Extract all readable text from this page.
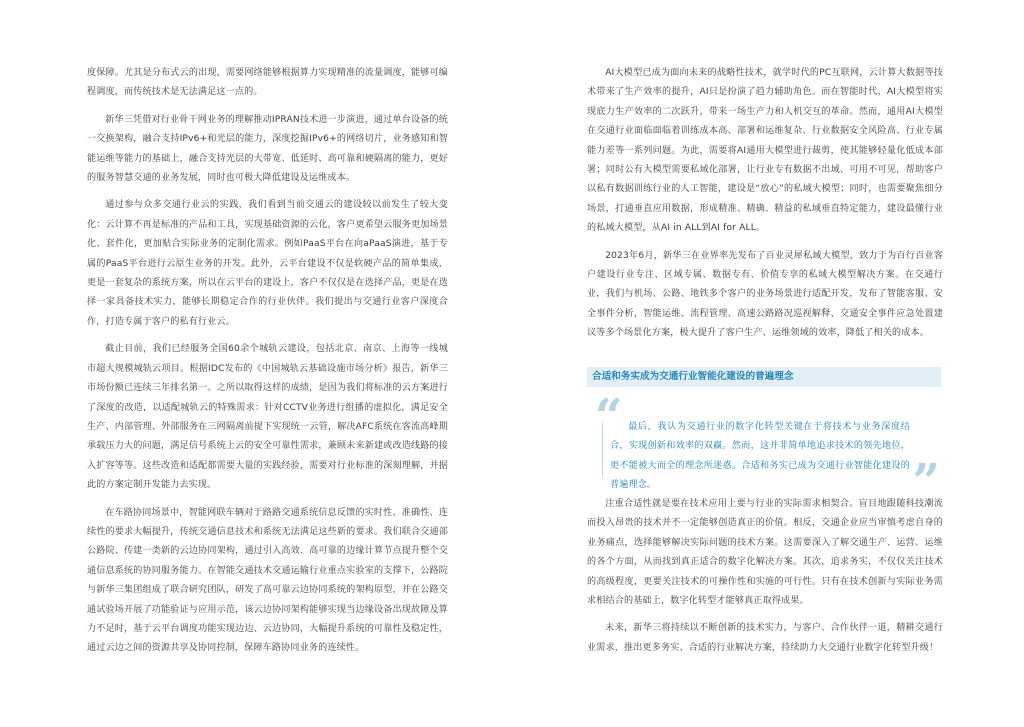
度保障。尤其是分布式云的出现，需要网络能够根据算力实现精准的流量调度，能够可编程调度，而传统技术是无法满足这一点的。

新华三凭借对行业骨干网业务的理解推动IPRAN技术进一步演进，通过单台设备的统一交换架构，融合支持IPv6+和光层的能力，深度挖掘IPv6+的网络切片，业务感知和智能运维等能力的基础上，融合支持光层的大带宽、低延时、高可靠和硬隔离的能力，更好的服务智慧交通的业务发展，同时也可极大降低建设及运维成本。

通过参与众多交通行业云的实践，我们看到当前交通云的建设较以前发生了较大变化：云计算不再是标准的产品和工具，实现基础资源的云化，客户更希望云服务更加场景化、套件化，更加贴合实际业务的定制化需求。例如PaaS平台在向aPaaS演进，基于专属的PaaS平台进行云原生业务的开发。此外，云平台建设不仅是软硬产品的简单集成，更是一套复杂的系统方案，所以在云平台的建设上，客户不仅仅是在选择产品，更是在选择一家具备技术实力，能够长期稳定合作的行业伙伴。我们提出与交通行业客户深度合作，打造专属于客户的私有行业云。

截止目前，我们已经服务全国60余个城轨云建设，包括北京、南京、上海等一线城市超大规模城轨云项目。根据IDC发布的《中国城轨云基础设施市场分析》报告，新华三市场份额已连续三年排名第一。之所以取得这样的成绩，是因为我们将标准的云方案进行了深度的改造，以适配城轨云的特殊需求：针对CCTV业务进行组播的虚拟化，满足安全生产、内部管理、外部服务在三网隔离前提下实现统一云管，解决AFC系统在客流高峰期承载压力大的问题，满足信号系统上云的安全可靠性需求，兼顾未来新建或改造线路的接入扩容等等。这些改造和适配都需要大量的实践经验，需要对行业标准的深刻理解，并据此的方案定制开发能力去实现。

在车路协同场景中，智能网联车辆对于路路交通系统信息反馈的实时性、准确性、连续性的要求大幅提升，传统交通信息技术和系统无法满足这些新的要求。我们联合交通部公路院、传建一类新的云边协同架构，通过引入高效、高可靠的边缘计算节点提升整个交通信息系统的协同服务能力。在智能交通技术交通运输行业重点实验室的支撑下，公路院与新华三集团组成了联合研究团队，研发了高可靠云边协同系统的架构原型，并在公路交通试验场开展了功能验证与应用示范，该云边协同架构能够实现当边缘设备出现故障及算力不足时，基于云平台调度功能实现边边、云边协同，大幅提升系统的可靠性及稳定性，通过云边之间的资源共享及协同控制，保障车路协同业务的连续性。

AI大模型已成为面向未来的战略性技术，就学时代的PC互联网，云计算大数据等技术带来了生产效率的提升，AI只是扮演了趋力辅助角色。而在智能时代，AI大模型将实现底力生产效率的二次跃升，带来一场生产力和人机交互的革命。然而，通用AI大模型在交通行业面临面临着训练成本高、部署和运维复杂、行业数据安全风险高、行业专属能力差等一系列问题。为此，需要将AI通用大模型进行裁剪，使其能够轻量化低成本部署；同时公有大模型需要私域化部署，让行业专有数据不出域、可用不可见，帮助客户以私有数据训练行业的人工智能，建设是“放心”的私域大模型；同时，也需要聚焦细分场景，打通垂直应用数据，形成精准、精确、精益的私域垂直特定能力，建设最懂行业的私域大模型，从AI in ALL到AI for ALL。

2023年6月，新华三在业界率先发布了百业灵犀私域大模型，致力于为百行百业客户建设行业专注、区域专属、数据专有、价值专享的私域大模型解决方案。在交通行业，我们与机场、公路、地铁多个客户的业务场景进行适配开发，发布了智能客服、安全事件分析，智能运维、流程管理、高速公路路况巡视解释、交通安全事件应急处置建议等多个场景化方案，极大提升了客户生产、运维领域的效率，降低了相关的成本。

合适和务实成为交通行业智能化建设的普遍理念
“ 最后，我认为交通行业的数字化转型关键在于将技术与业务深度结合，实现创新和效率的双赢。然而，这并非简单地追求技术的领先地位，更不能被大而全的理念所迷惑。合适和务实已成为交通行业智能化建设的普遍理念。	”

注重合适性就是要在技术应用上要与行业的实际需求相契合。盲目地跟随科技潮流而投入昂贵的技术并不一定能够创造真正的价值。相反，交通企业应当审慎考虑自身的业务痛点，选择能够解决实际问题的技术方案。这需要深入了解交通生产、运营、运维的各个方面，从而找到真正适合的数字化解决方案。其次，追求务实，不仅仅关注技术的高级程度，更要关注技术的可操作性和实施的可行性。只有在技术创新与实际业务需求相结合的基础上，数字化转型才能够真正取得成果。

未来，新华三将持续以不断创新的技术实力，与客户、合作伙伴一道，精耕交通行业需求，推出更多务实、合适的行业解决方案，持续助力大交通行业数字化转型升级！
